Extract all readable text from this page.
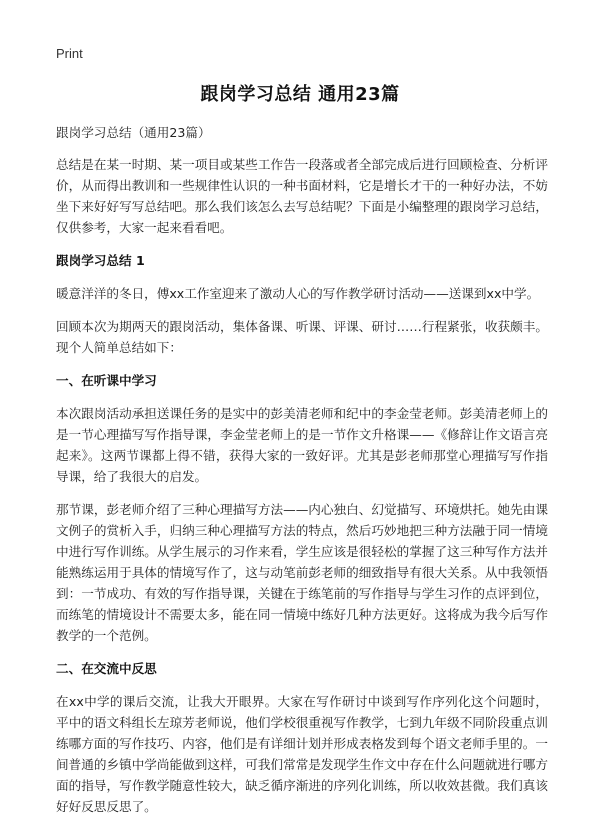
Print
跟岗学习总结 通用23篇

跟岗学习总结（通用23篇）

总结是在某一时期、某一项目或某些工作告一段落或者全部完成后进行回顾检查、分析评价，从而得出教训和一些规律性认识的一种书面材料，它是增长才干的一种好办法，不妨坐下来好好写写总结吧。那么我们该怎么去写总结呢？下面是小编整理的跟岗学习总结，仅供参考，大家一起来看看吧。

跟岗学习总结 1

暖意洋洋的冬日，傅xx工作室迎来了激动人心的写作教学研讨活动——送课到xx中学。

回顾本次为期两天的跟岗活动，集体备课、听课、评课、研讨……行程紧张，收获颇丰。现个人简单总结如下：

一、在听课中学习

本次跟岗活动承担送课任务的是实中的彭美清老师和纪中的李金莹老师。彭美清老师上的是一节心理描写写作指导课，李金莹老师上的是一节作文升格课——《修辞让作文语言亮起来》。这两节课都上得不错，获得大家的一致好评。尤其是彭老师那堂心理描写写作指导课，给了我很大的启发。

那节课，彭老师介绍了三种心理描写方法——内心独白、幻觉描写、环境烘托。她先由课文例子的赏析入手，归纳三种心理描写方法的特点，然后巧妙地把三种方法融于同一情境中进行写作训练。从学生展示的习作来看，学生应该是很轻松的掌握了这三种写作方法并能熟练运用于具体的情境写作了，这与动笔前彭老师的细致指导有很大关系。从中我领悟到：一节成功、有效的写作指导课，关键在于练笔前的写作指导与学生习作的点评到位，而练笔的情境设计不需要太多，能在同一情境中练好几种方法更好。这将成为我今后写作教学的一个范例。

二、在交流中反思

在xx中学的课后交流，让我大开眼界。大家在写作研讨中谈到写作序列化这个问题时，平中的语文科组长左琼芳老师说，他们学校很重视写作教学，七到九年级不同阶段重点训练哪方面的写作技巧、内容，他们是有详细计划并形成表格发到每个语文老师手里的。一间普通的乡镇中学尚能做到这样，可我们常常是发现学生作文中存在什么问题就进行哪方面的指导，写作教学随意性较大，缺乏循序渐进的序列化训练，所以收效甚微。我们真该好好反思反思了。
